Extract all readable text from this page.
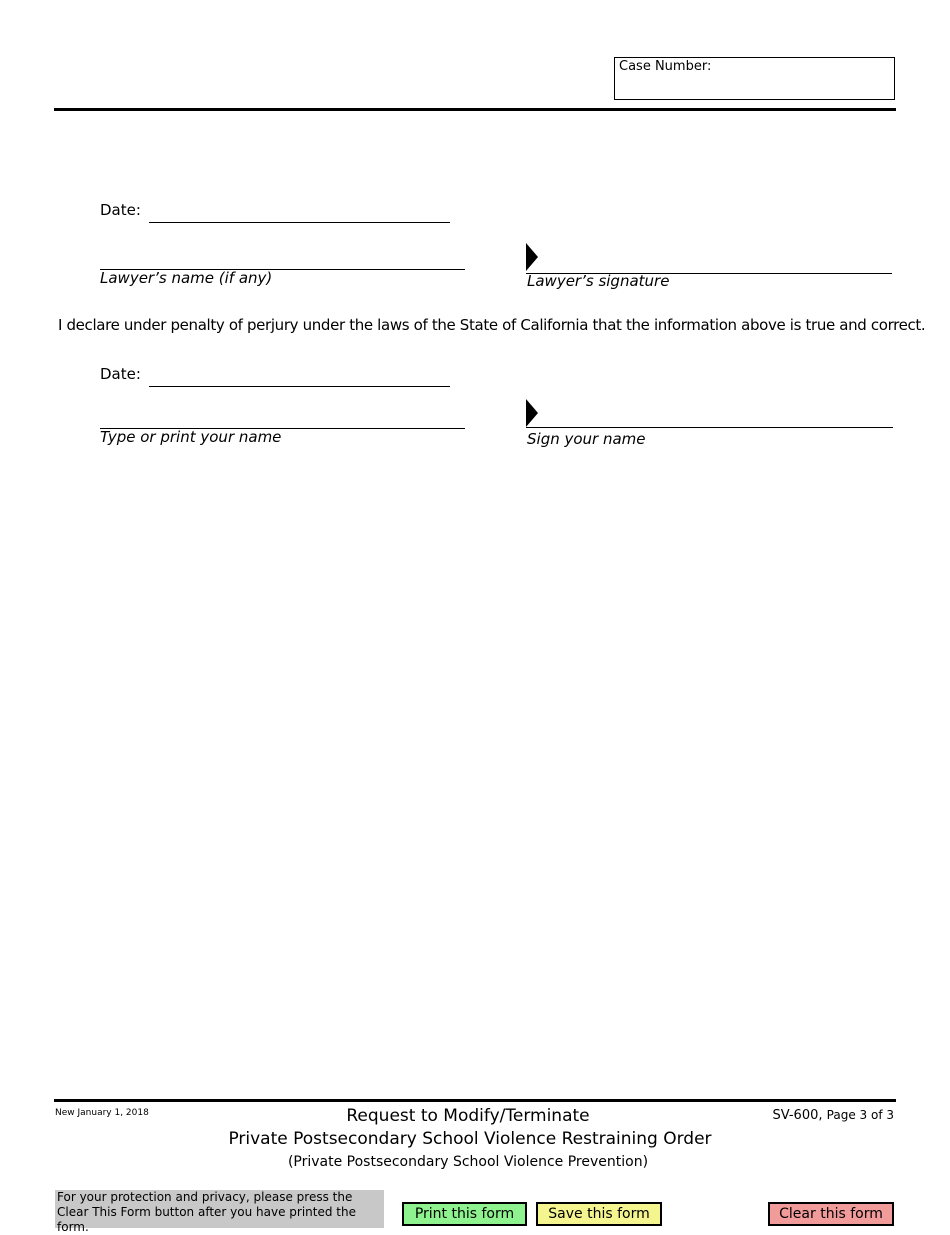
Case Number:
Date:
Lawyer’s name (if any)	Lawyer’s signature
I declare under penalty of perjury under the laws of the State of California that the information above is true and correct.
Date:
Type or print your name	Sign your name
New January 1, 2018	Request to Modify/Terminate
Private Postsecondary School Violence Restraining Order
(Private Postsecondary School Violence Prevention)
SV-600, Page 3 of 3
For your protection and privacy, please press the Clear This Form button after you have printed the form.
Print this form	Save this form	Clear this form
